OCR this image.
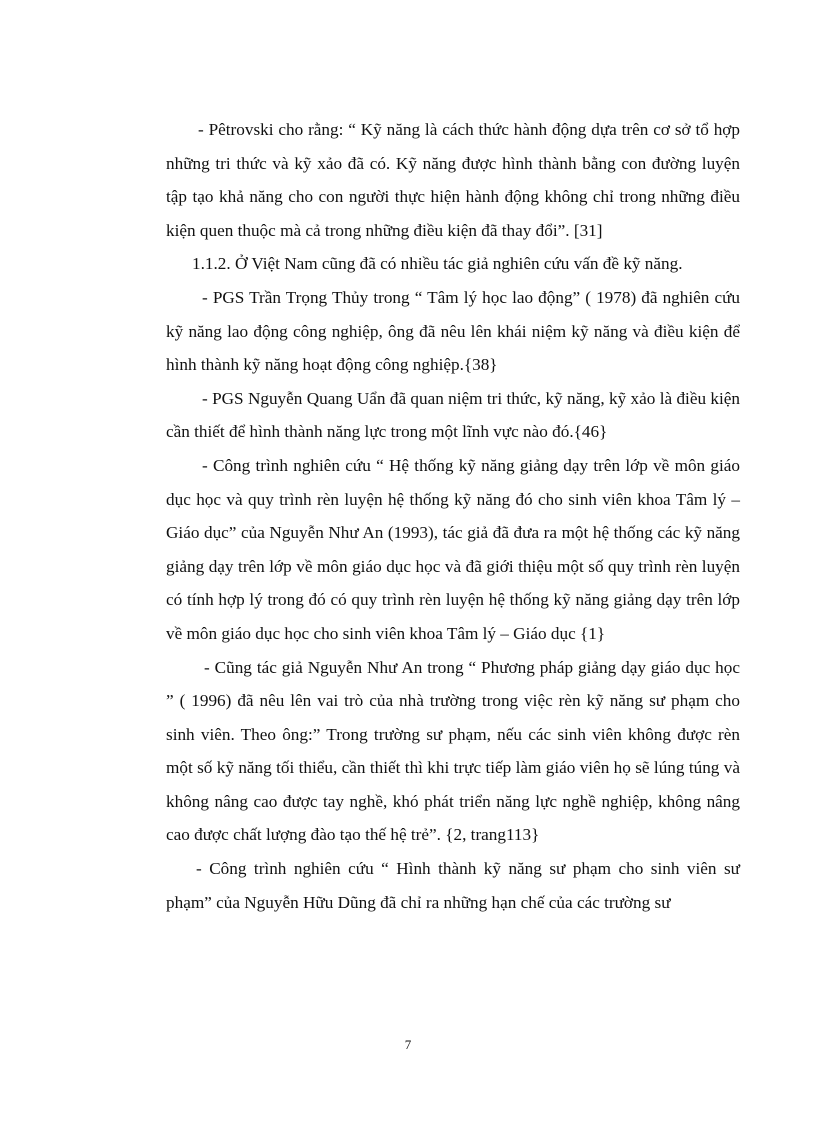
- Pêtrovski cho rằng: “ Kỹ năng là cách thức hành động dựa trên cơ sở tổ hợp những tri thức và kỹ xảo đã có. Kỹ năng được hình thành bằng con đường luyện tập tạo khả năng cho con người thực hiện hành động không chỉ trong những điều kiện quen thuộc mà cả trong những điều kiện đã thay đổi”. [31]

1.1.2. Ở Việt Nam cũng đã có nhiều tác giả nghiên cứu vấn đề kỹ năng.

- PGS Trần Trọng Thủy trong “ Tâm lý học lao động” ( 1978) đã nghiên cứu kỹ năng lao động công nghiệp, ông đã nêu lên khái niệm kỹ năng và điều kiện để hình thành kỹ năng hoạt động công nghiệp.{38}

- PGS Nguyễn Quang Uẩn đã quan niệm tri thức, kỹ năng, kỹ xảo là điều kiện cần thiết để hình thành năng lực trong một lĩnh vực nào đó.{46}

- Công trình nghiên cứu “ Hệ thống kỹ năng giảng dạy trên lớp về môn giáo dục học và quy trình rèn luyện hệ thống kỹ năng đó cho sinh viên khoa Tâm lý – Giáo dục” của Nguyễn Như An (1993), tác giả đã đưa ra một hệ thống các kỹ năng giảng dạy trên lớp về môn giáo dục học và đã giới thiệu một số quy trình rèn luyện có tính hợp lý trong đó có quy trình rèn luyện hệ thống kỹ năng giảng dạy trên lớp về môn giáo dục học cho sinh viên khoa Tâm lý – Giáo dục {1}

- Cũng tác giả Nguyễn Như An trong “ Phương pháp giảng dạy giáo dục học ” ( 1996) đã nêu lên vai trò của nhà trường trong việc rèn kỹ năng sư phạm cho sinh viên. Theo ông:” Trong trường sư phạm, nếu các sinh viên không được rèn một số kỹ năng tối thiểu, cần thiết thì khi trực tiếp làm giáo viên họ sẽ lúng túng và không nâng cao được tay nghề, khó phát triển năng lực nghề nghiệp, không nâng cao được chất lượng đào tạo thế hệ trẻ”. {2, trang113}

- Công trình nghiên cứu “ Hình thành kỹ năng sư phạm cho sinh viên sư phạm” của Nguyễn Hữu Dũng đã chỉ ra những hạn chế của các trường sư

7
